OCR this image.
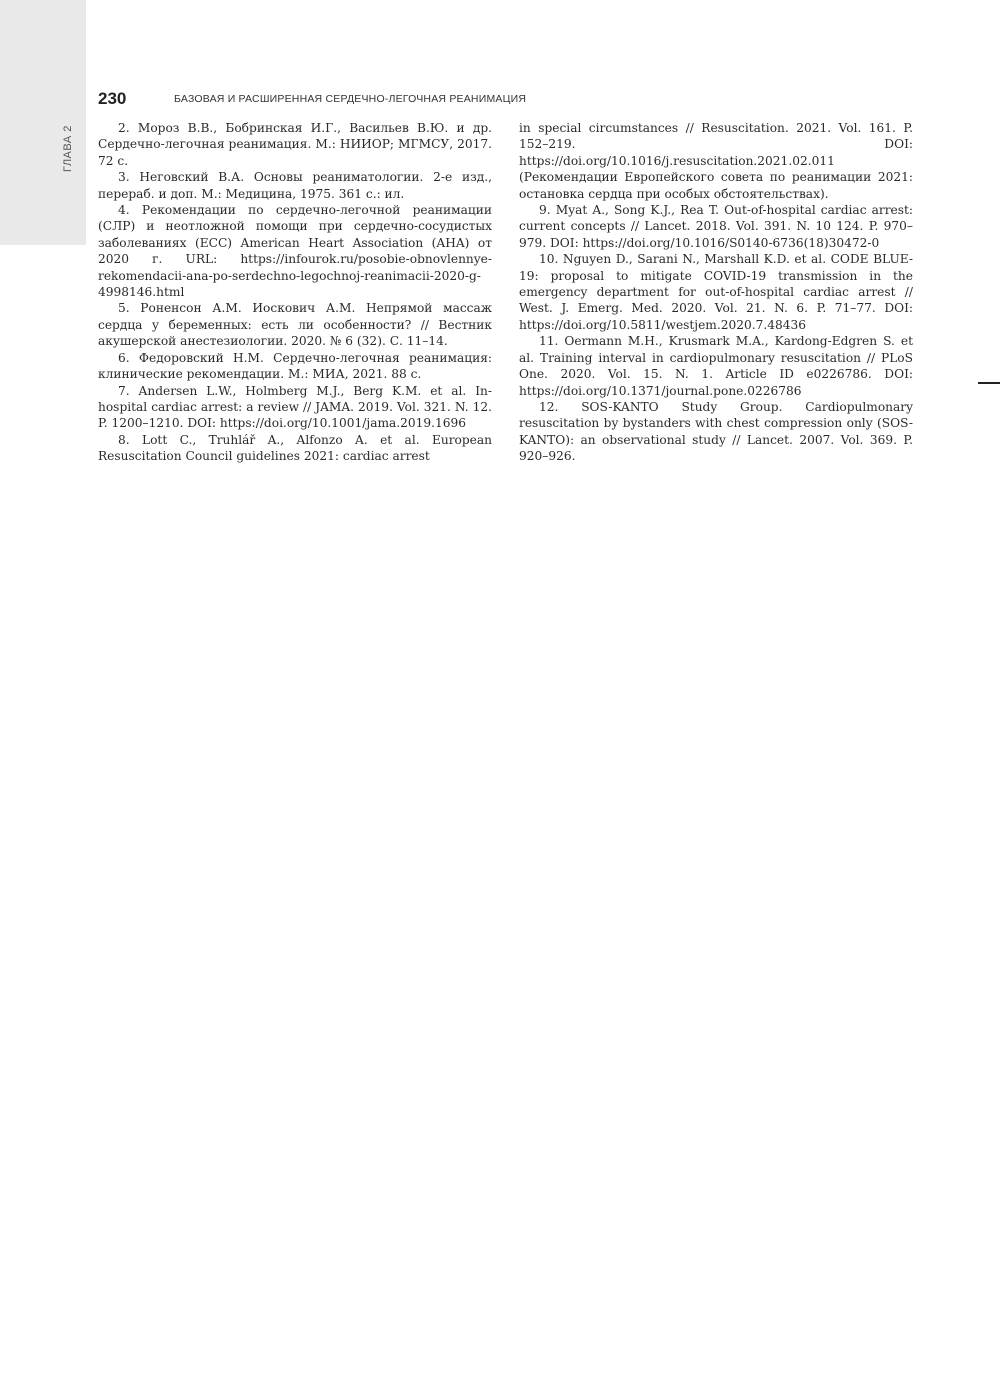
ГЛАВА 2
230	БАЗОВАЯ И РАСШИРЕННАЯ СЕРДЕЧНО-ЛЕГОЧНАЯ РЕАНИМАЦИЯ

2. Мороз В.В., Бобринская И.Г., Васильев В.Ю. и др. Сердечно-легочная реанимация. М.: НИИОР; МГМСУ, 2017. 72 с.

3. Неговский В.А. Основы реаниматологии. 2-е изд., перераб. и доп. М.: Медицина, 1975. 361 с.: ил.

4. Рекомендации по сердечно-легочной реанимации (СЛР) и неотложной помощи при сердечно-сосудистых заболеваниях (ECC) American Heart Association (AHA) от 2020 г. URL: https://infourok.ru/posobie-obnovlennye-rekomendacii-ana-po-serdechno-legochnoj-reanimacii-2020-g-4998146.html

5. Роненсон А.М. Иоскович А.М. Непрямой массаж сердца у беременных: есть ли особенности? // Вестник акушерской анестезиологии. 2020. № 6 (32). С. 11–14.

6. Федоровский Н.М. Сердечно-легочная реанимация: клинические рекомендации. М.: МИА, 2021. 88 с.

7. Andersen L.W., Holmberg M.J., Berg K.M. et al. In-hospital cardiac arrest: a review // JAMA. 2019. Vol. 321. N. 12. P. 1200–1210. DOI: https://doi.org/10.1001/jama.2019.1696

8. Lott C., Truhlář A., Alfonzo A. et al. European Resuscitation Council guidelines 2021: cardiac arrest

in special circumstances // Resuscitation. 2021. Vol. 161. P. 152–219. DOI: https://doi.org/10.1016/j.resuscitation.2021.02.011 (Рекомендации Европейского совета по реанимации 2021: остановка сердца при особых обстоятельствах).

9. Myat A., Song K.J., Rea T. Out-of-hospital cardiac arrest: current concepts // Lancet. 2018. Vol. 391. N. 10 124. P. 970–979. DOI: https://doi.org/10.1016/S0140-6736(18)30472-0

10. Nguyen D., Sarani N., Marshall K.D. et al. CODE BLUE-19: proposal to mitigate COVID-19 transmission in the emergency department for out-of-hospital cardiac arrest // West. J. Emerg. Med. 2020. Vol. 21. N. 6. P. 71–77. DOI: https://doi.org/10.5811/westjem.2020.7.48436

11. Oermann M.H., Krusmark M.A., Kardong-Edgren S. et al. Training interval in cardiopulmonary resuscitation // PLoS One. 2020. Vol. 15. N. 1. Article ID e0226786. DOI: https://doi.org/10.1371/journal.pone.0226786

12. SOS-KANTO Study Group. Cardiopulmonary resuscitation by bystanders with chest compression only (SOS-KANTO): an observational study // Lancet. 2007. Vol. 369. P. 920–926.
